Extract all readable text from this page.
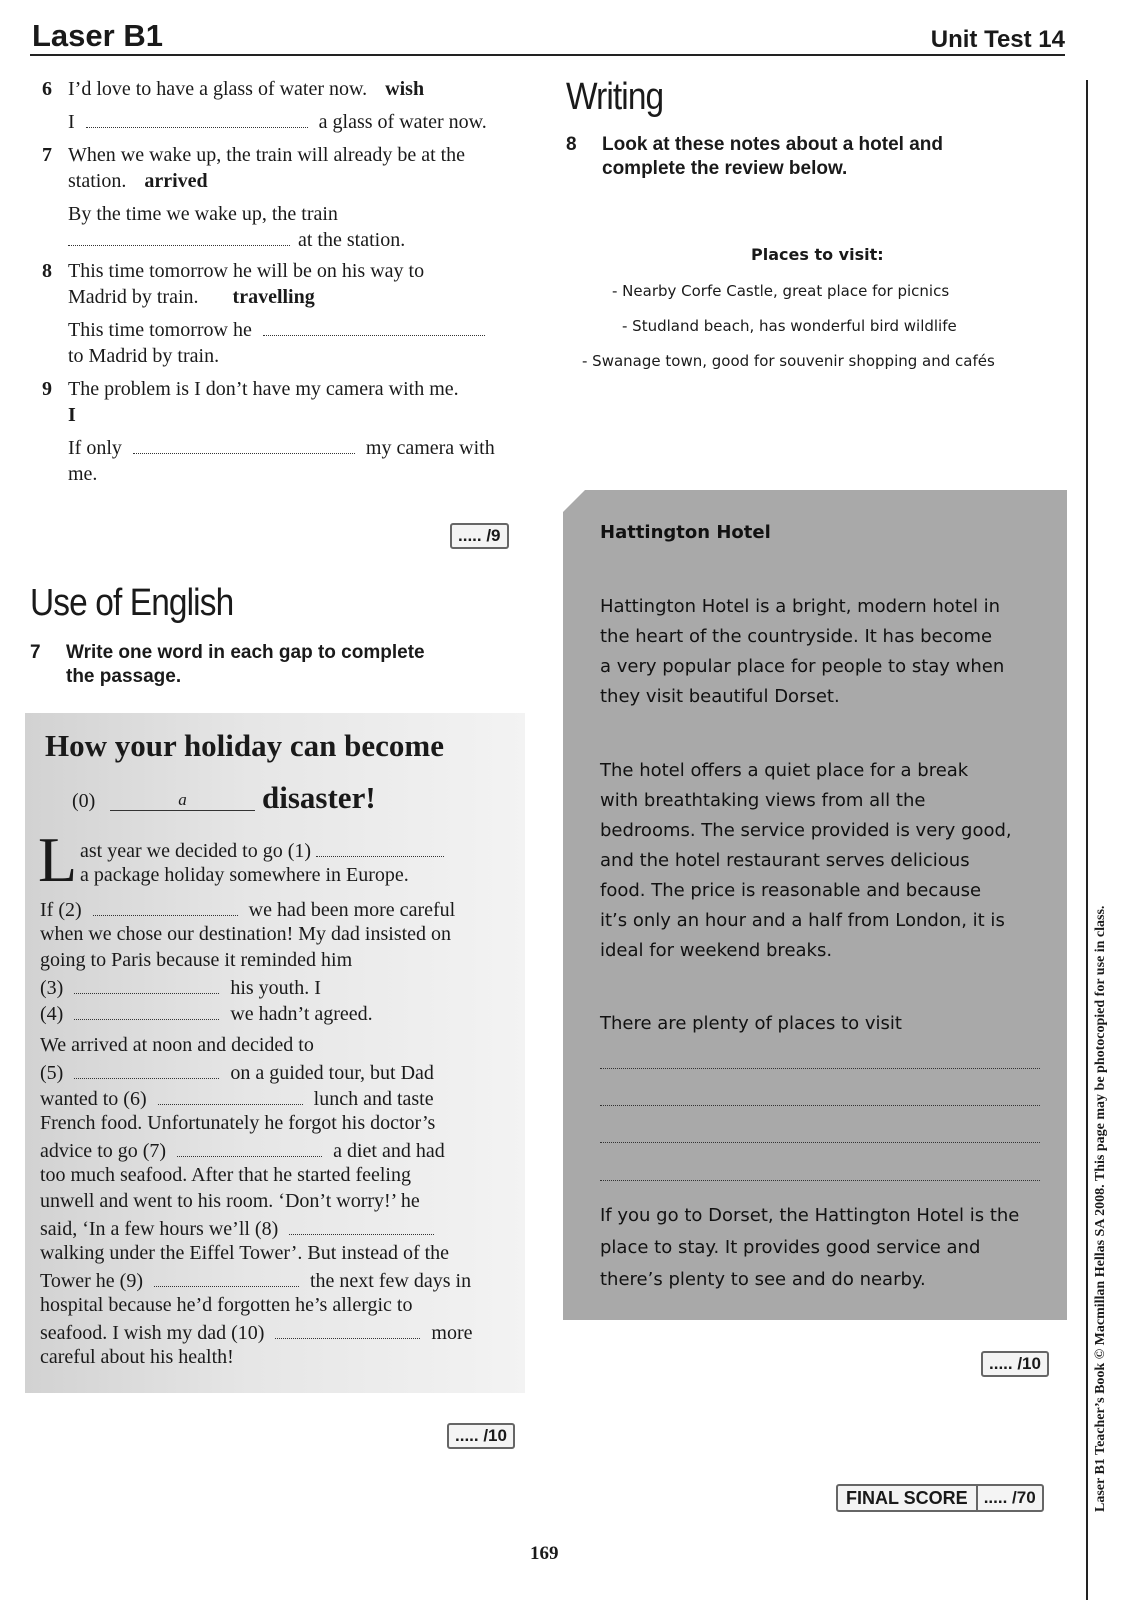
Laser B1	Unit Test 14
6 I’d love to have a glass of water now. wish
I	a glass of water now.
7 When we wake up, the train will already be at the
station. arrived
By the time we wake up, the train
at the station.
8 This time tomorrow he will be on his way to
Madrid by train. travelling
This time tomorrow he
to Madrid by train.
9 The problem is I don’t have my camera with me.
I
If only	my camera with
me.
..... /9
Use of English
7 Write one word in each gap to complete
the passage.
How your holiday can become
(0)	a	disaster!
L ast year we decided to go (1)
a package holiday somewhere in Europe.
If (2)	we had been more careful
when we chose our destination! My dad insisted on
going to Paris because it reminded him
(3)	his youth. I
(4)	we hadn’t agreed.
We arrived at noon and decided to
(5)	on a guided tour, but Dad
wanted to (6)	lunch and taste
French food. Unfortunately he forgot his doctor’s
advice to go (7)	a diet and had
too much seafood. After that he started feeling
unwell and went to his room. ‘Don’t worry!’ he
said, ‘In a few hours we’ll (8)
walking under the Eiffel Tower’. But instead of the
Tower he (9)	the next few days in
hospital because he’d forgotten he’s allergic to
seafood. I wish my dad (10)	more
careful about his health!
..... /10
Writing
8 Look at these notes about a hotel and
complete the review below.
Places to visit:
- Nearby Corfe Castle, great place for picnics
- Studland beach, has wonderful bird wildlife
- Swanage town, good for souvenir shopping and cafés
Hattington Hotel
Hattington Hotel is a bright, modern hotel in
the heart of the countryside. It has become
a very popular place for people to stay when
they visit beautiful Dorset.
The hotel offers a quiet place for a break
with breathtaking views from all the
bedrooms. The service provided is very good,
and the hotel restaurant serves delicious
food. The price is reasonable and because
it’s only an hour and a half from London, it is
ideal for weekend breaks.
There are plenty of places to visit
If you go to Dorset, the Hattington Hotel is the
place to stay. It provides good service and
there’s plenty to see and do nearby.
..... /10
FINAL SCORE ..... /70	Laser B1 Teacher’s Book © Macmillan Hellas SA 2008. This page may be photocopied for use in class.
169
